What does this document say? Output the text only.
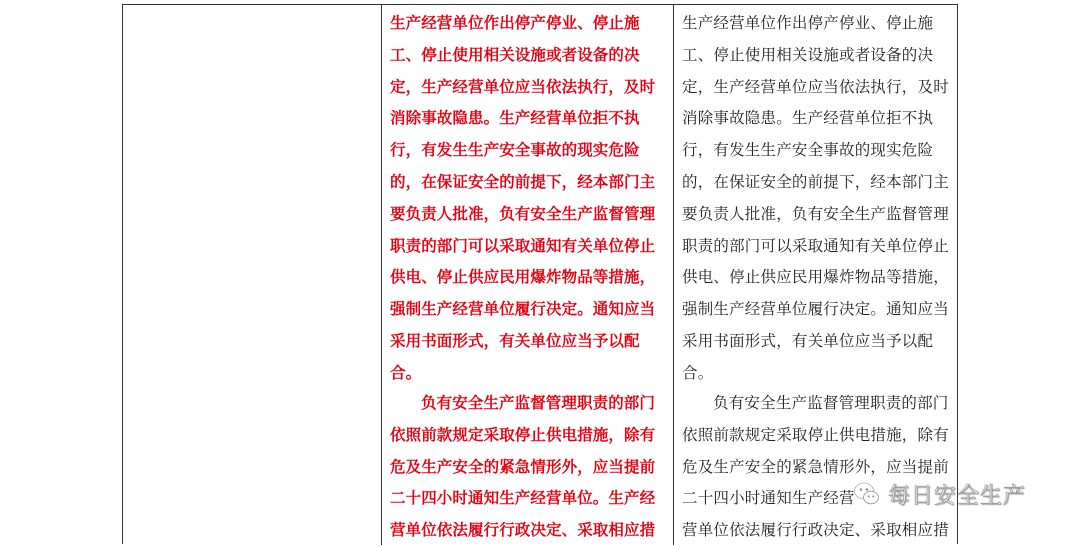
生产经营单位作出停产停业、停止施
工、停止使用相关设施或者设备的决
定，生产经营单位应当依法执行，及时
消除事故隐患。生产经营单位拒不执
行，有发生生产安全事故的现实危险
的，在保证安全的前提下，经本部门主
要负责人批准，负有安全生产监督管理
职责的部门可以采取通知有关单位停止
供电、停止供应民用爆炸物品等措施，
强制生产经营单位履行决定。通知应当
采用书面形式，有关单位应当予以配
合。

负有安全生产监督管理职责的部门
依照前款规定采取停止供电措施，除有
危及生产安全的紧急情形外，应当提前
二十四小时通知生产经营单位。生产经
营单位依法履行行政决定、采取相应措

生产经营单位作出停产停业、停止施
工、停止使用相关设施或者设备的决
定，生产经营单位应当依法执行，及时
消除事故隐患。生产经营单位拒不执
行，有发生生产安全事故的现实危险
的，在保证安全的前提下，经本部门主
要负责人批准，负有安全生产监督管理
职责的部门可以采取通知有关单位停止
供电、停止供应民用爆炸物品等措施，
强制生产经营单位履行决定。通知应当
采用书面形式，有关单位应当予以配
合。

负有安全生产监督管理职责的部门
依照前款规定采取停止供电措施，除有
危及生产安全的紧急情形外，应当提前
二十四小时通知生产经营
营单位依法履行行政决定、采取相应措

每日安全生产
